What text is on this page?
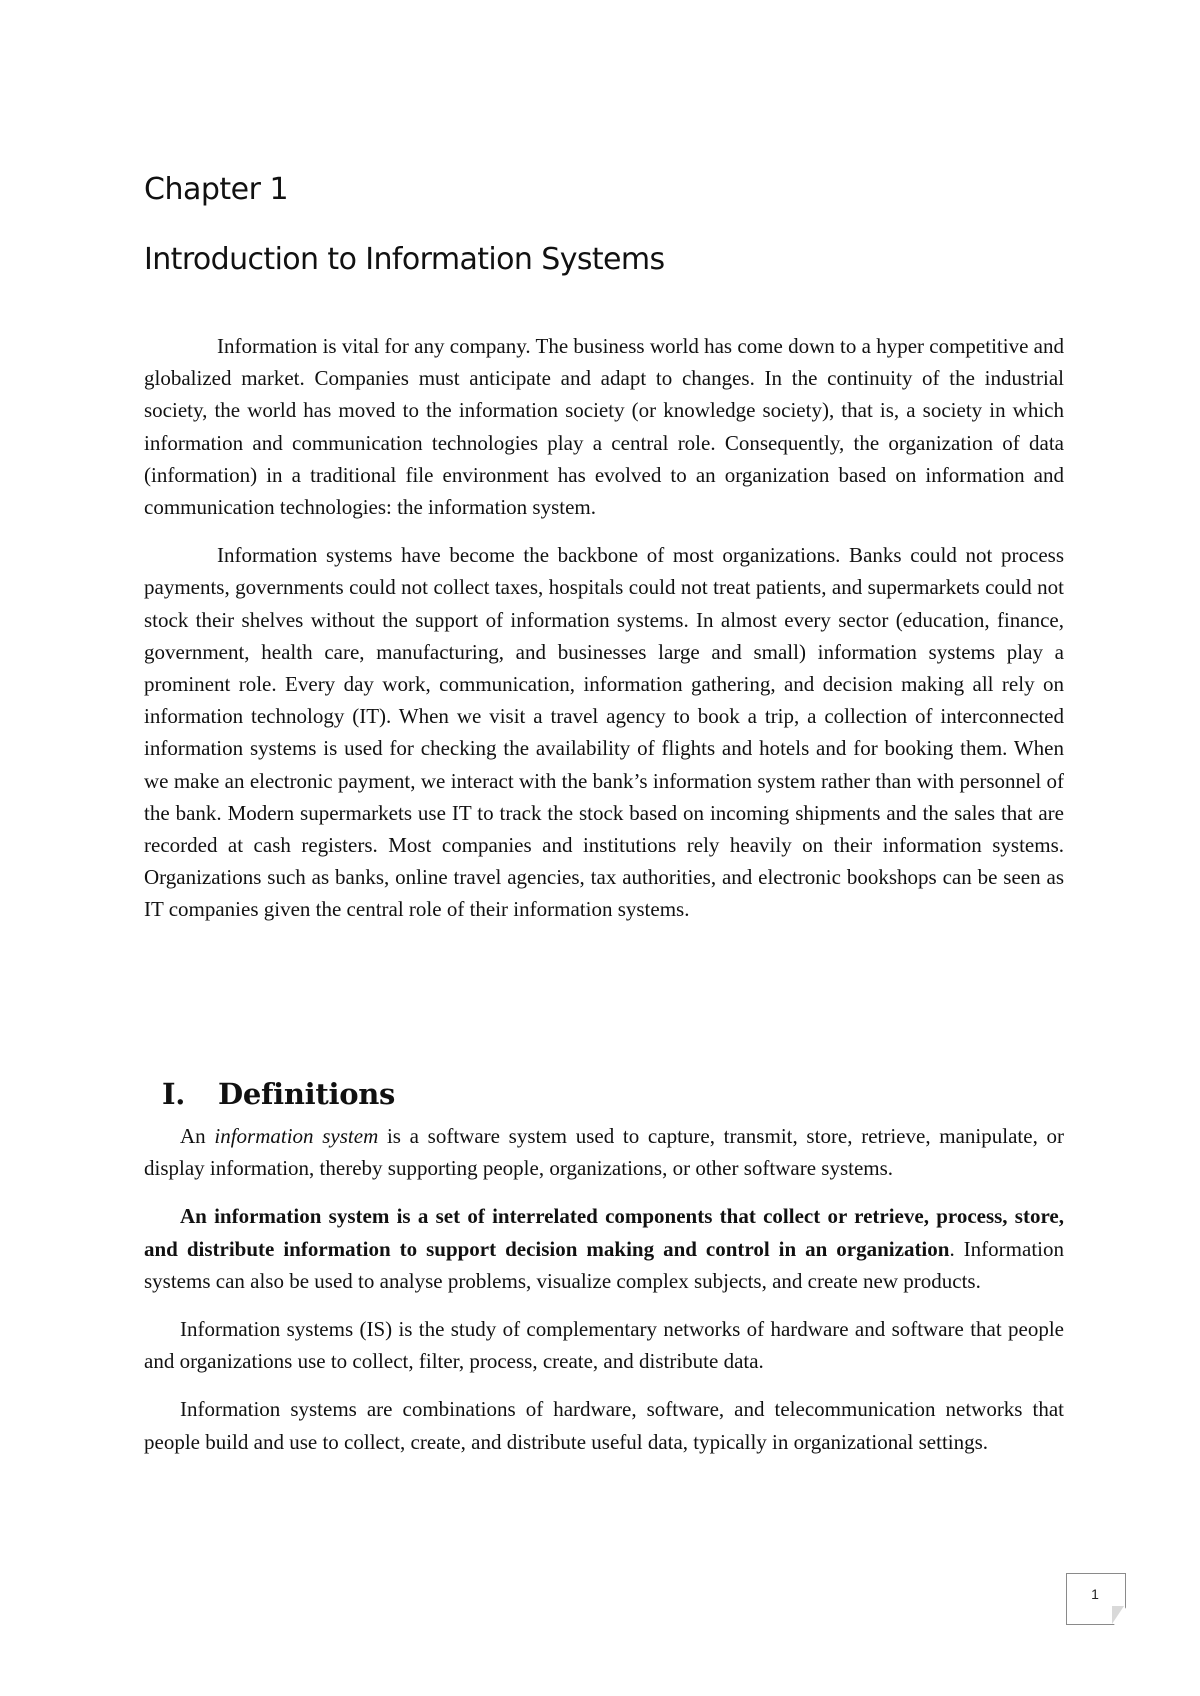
Chapter 1
Introduction to Information Systems

Information is vital for any company. The business world has come down to a hyper competitive and globalized market. Companies must anticipate and adapt to changes. In the continuity of the industrial society, the world has moved to the information society (or knowledge society), that is, a society in which information and communication technologies play a central role. Consequently, the organization of data (information) in a traditional file environment has evolved to an organization based on information and communication technologies: the information system.

Information systems have become the backbone of most organizations. Banks could not process payments, governments could not collect taxes, hospitals could not treat patients, and supermarkets could not stock their shelves without the support of information systems. In almost every sector (education, finance, government, health care, manufacturing, and businesses large and small) information systems play a prominent role. Every day work, communication, information gathering, and decision making all rely on information technology (IT). When we visit a travel agency to book a trip, a collection of interconnected information systems is used for checking the availability of flights and hotels and for booking them. When we make an electronic payment, we interact with the bank’s information system rather than with personnel of the bank. Modern supermarkets use IT to track the stock based on incoming shipments and the sales that are recorded at cash registers. Most companies and institutions rely heavily on their information systems. Organizations such as banks, online travel agencies, tax authorities, and electronic bookshops can be seen as IT companies given the central role of their information systems.

I. Definitions

An information system is a software system used to capture, transmit, store, retrieve, manipulate, or display information, thereby supporting people, organizations, or other software systems.

An information system is a set of interrelated components that collect or retrieve, process, store, and distribute information to support decision making and control in an organization. Information systems can also be used to analyse problems, visualize complex subjects, and create new products.

Information systems (IS) is the study of complementary networks of hardware and software that people and organizations use to collect, filter, process, create, and distribute data.

Information systems are combinations of hardware, software, and telecommunication networks that people build and use to collect, create, and distribute useful data, typically in organizational settings.

1
